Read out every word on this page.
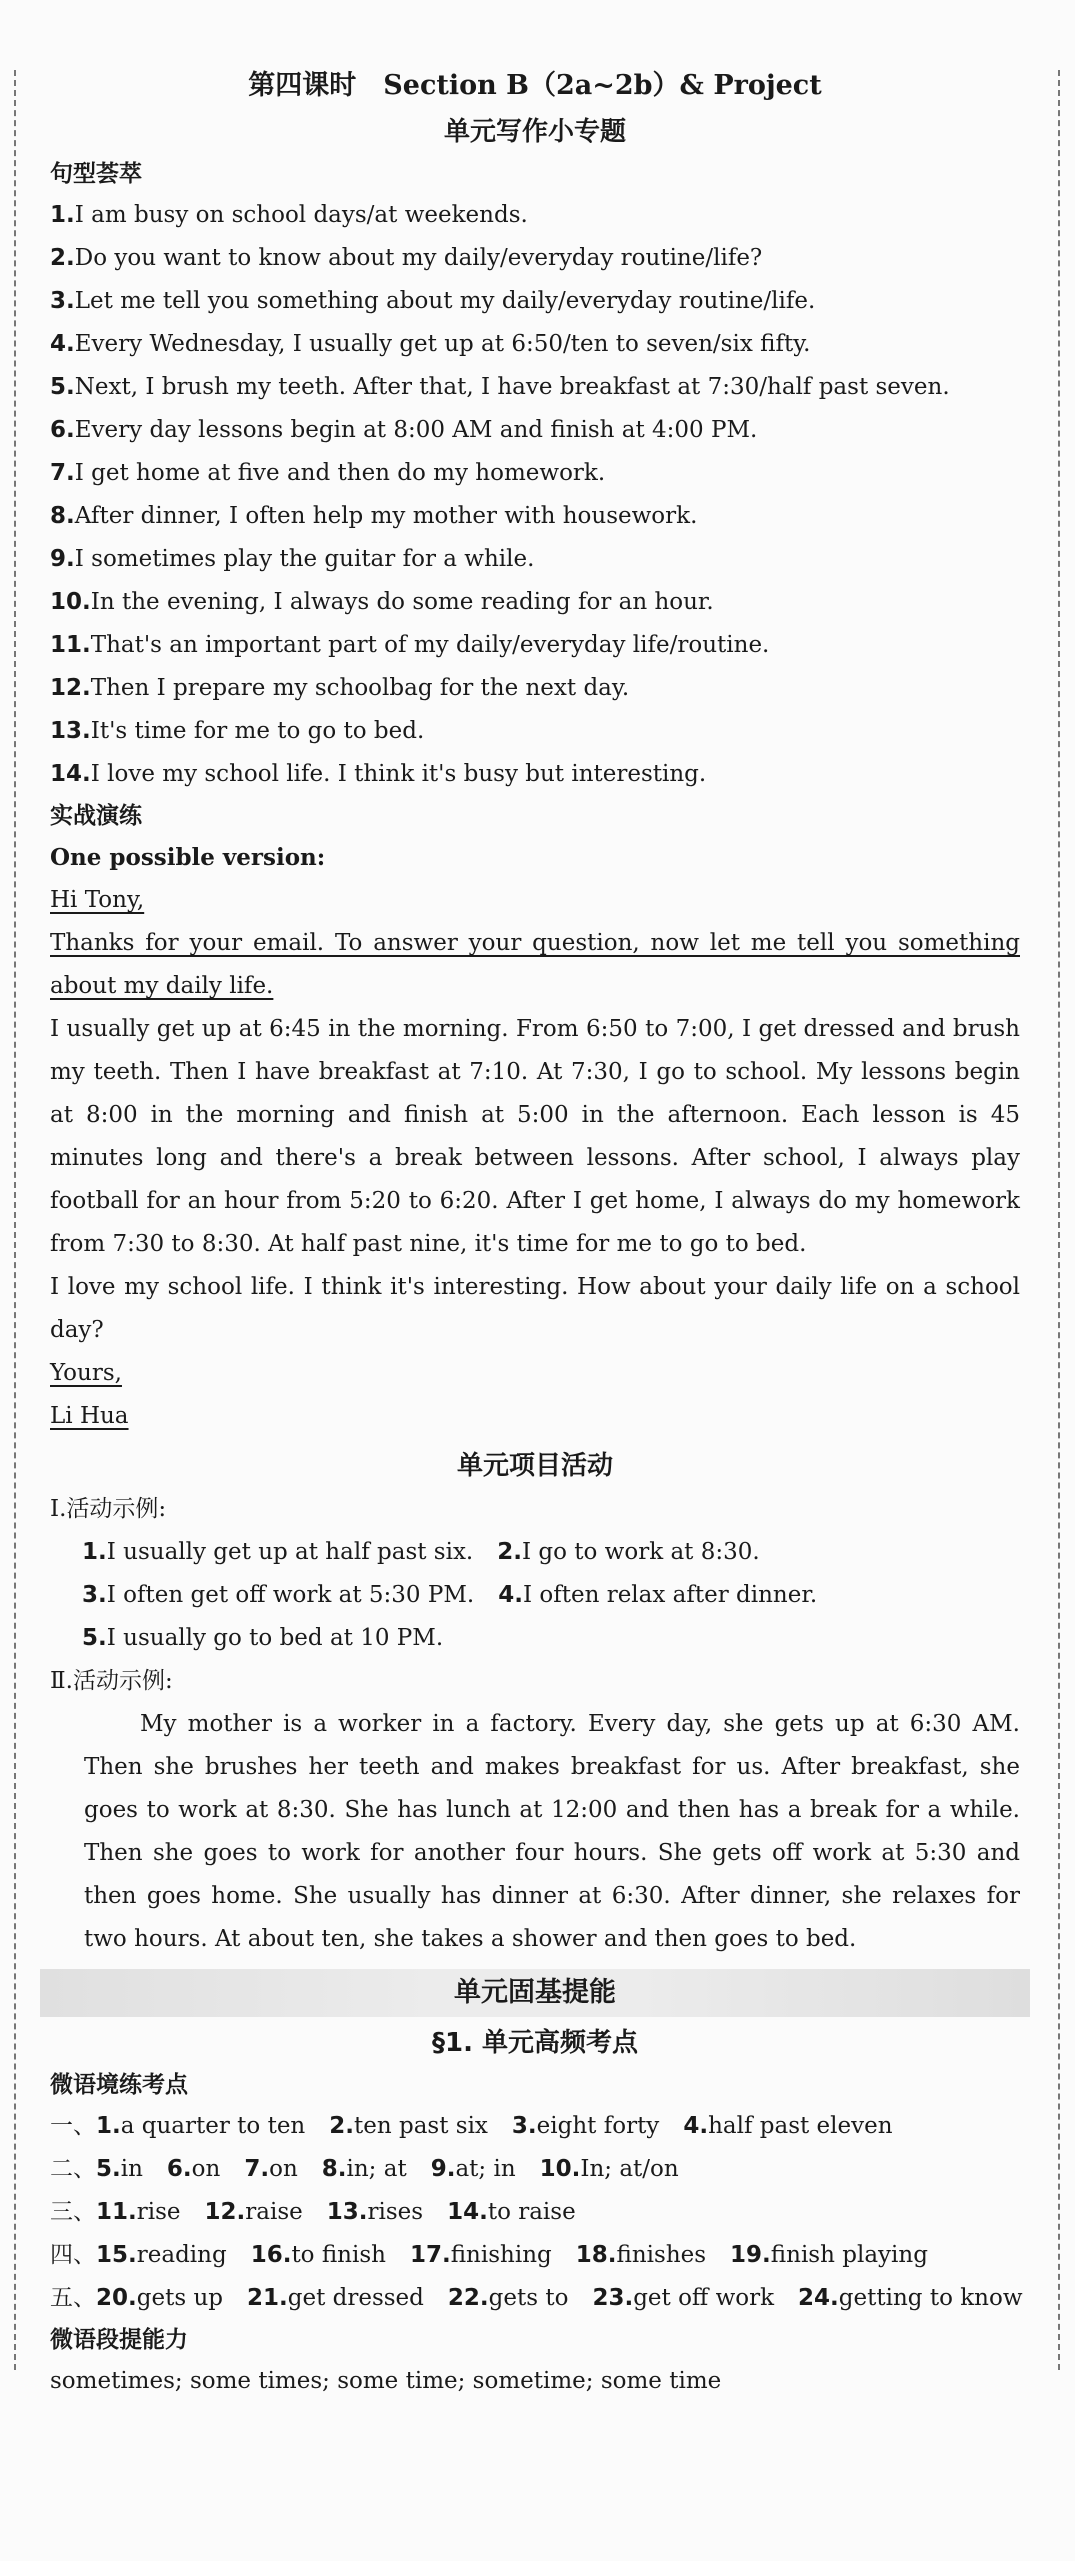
第四课时　Section B（2a~2b）& Project
单元写作小专题
句型荟萃
1.I am busy on school days/at weekends.
2.Do you want to know about my daily/everyday routine/life?
3.Let me tell you something about my daily/everyday routine/life.
4.Every Wednesday, I usually get up at 6:50/ten to seven/six fifty.
5.Next, I brush my teeth. After that, I have breakfast at 7:30/half past seven.
6.Every day lessons begin at 8:00 AM and finish at 4:00 PM.
7.I get home at five and then do my homework.
8.After dinner, I often help my mother with housework.
9.I sometimes play the guitar for a while.
10.In the evening, I always do some reading for an hour.
11.That's an important part of my daily/everyday life/routine.
12.Then I prepare my schoolbag for the next day.
13.It's time for me to go to bed.
14.I love my school life. I think it's busy but interesting.
实战演练
One possible version:
Hi Tony,
Thanks for your email. To answer your question, now let me tell you something about my daily life.
I usually get up at 6:45 in the morning. From 6:50 to 7:00, I get dressed and brush my teeth. Then I have breakfast at 7:10. At 7:30, I go to school. My lessons begin at 8:00 in the morning and finish at 5:00 in the afternoon. Each lesson is 45 minutes long and there's a break between lessons. After school, I always play football for an hour from 5:20 to 6:20. After I get home, I always do my homework from 7:30 to 8:30. At half past nine, it's time for me to go to bed.
I love my school life. I think it's interesting. How about your daily life on a school day?
Yours,
Li Hua
单元项目活动
Ⅰ.活动示例:
1.I usually get up at half past six. 2.I go to work at 8:30.
3.I often get off work at 5:30 PM. 4.I often relax after dinner.
5.I usually go to bed at 10 PM.
Ⅱ.活动示例:

My mother is a worker in a factory. Every day, she gets up at 6:30 AM. Then she brushes her teeth and makes breakfast for us. After breakfast, she goes to work at 8:30. She has lunch at 12:00 and then has a break for a while. Then she goes to work for another four hours. She gets off work at 5:30 and then goes home. She usually has dinner at 6:30. After dinner, she relaxes for two hours. At about ten, she takes a shower and then goes to bed.

单元固基提能
§1. 单元高频考点
微语境练考点
一、1.a quarter to ten 2.ten past six 3.eight forty 4.half past eleven
二、5.in 6.on 7.on 8.in; at 9.at; in 10.In; at/on
三、11.rise 12.raise 13.rises 14.to raise
四、15.reading 16.to finish 17.finishing 18.finishes 19.finish playing
五、20.gets up 21.get dressed 22.gets to 23.get off work 24.getting to know
微语段提能力
sometimes; some times; some time; sometime; some time
